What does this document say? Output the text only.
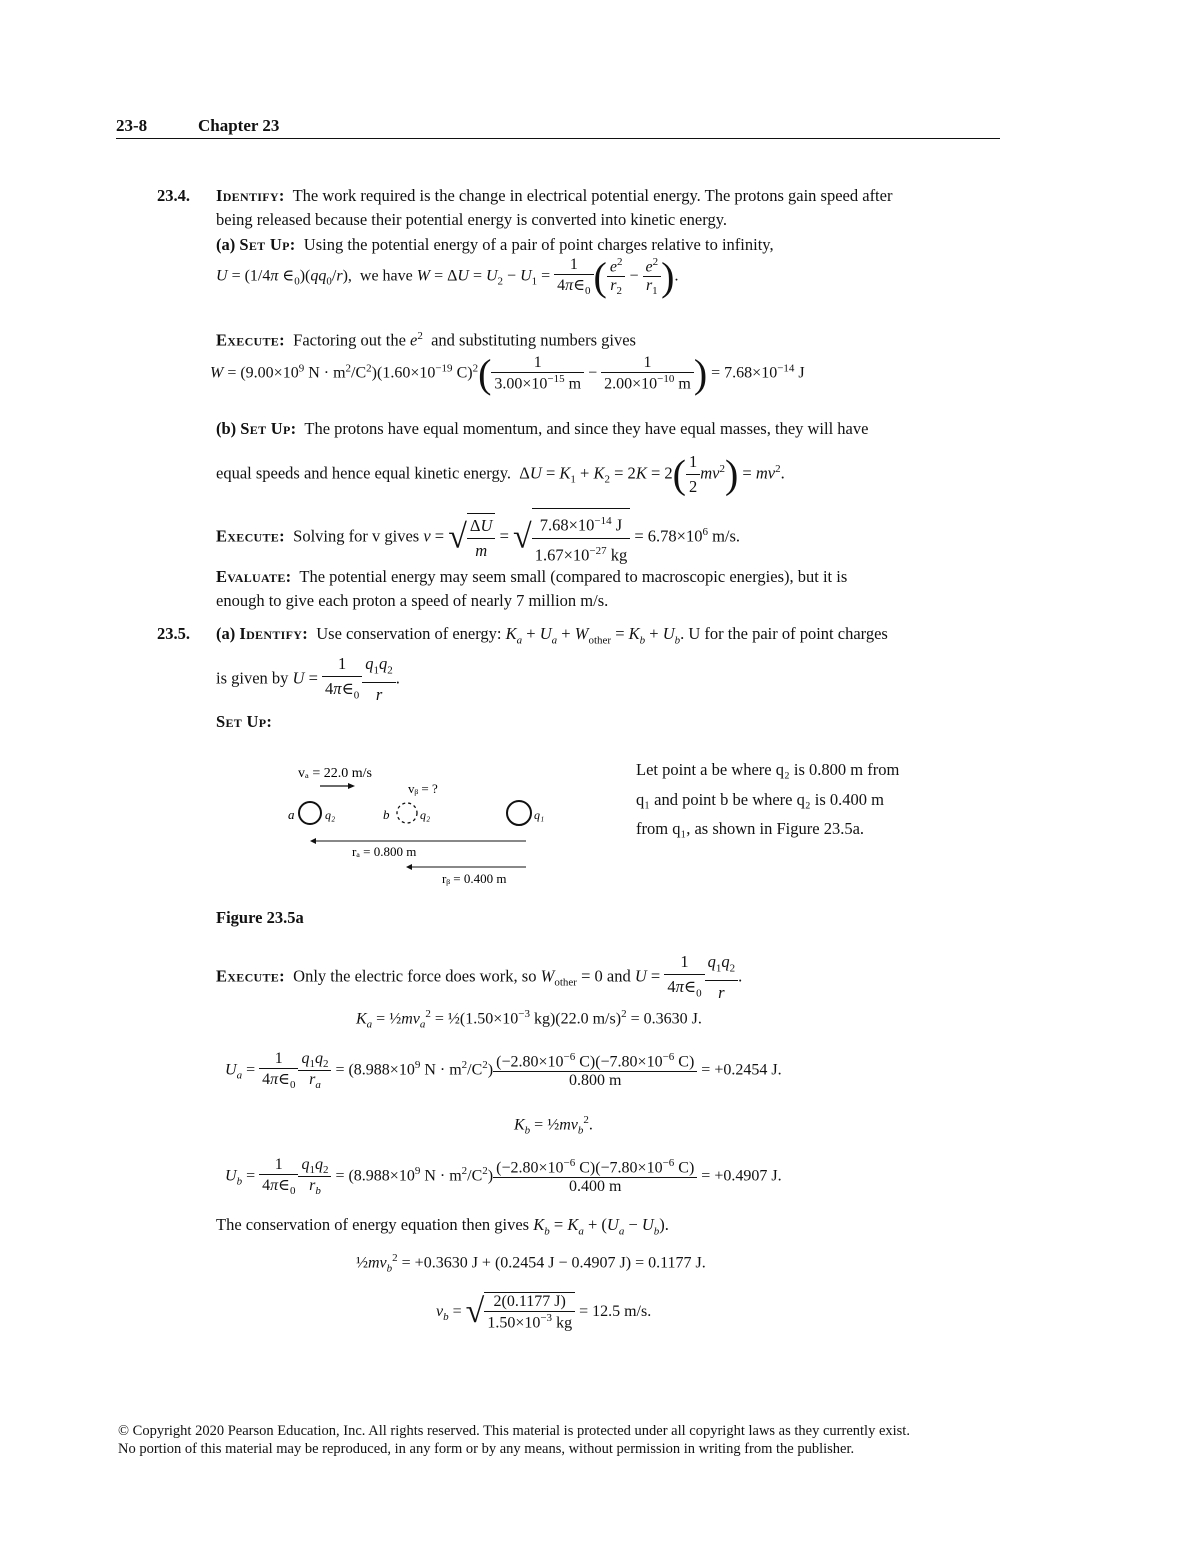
23-8	Chapter 23
23.4. Identify: The work required is the change in electrical potential energy. The protons gain speed after
being released because their potential energy is converted into kinetic energy.
(a) Set Up: Using the potential energy of a pair of point charges relative to infinity,
U = (1/4π $\in_0)(qq_0/r)$,  we have $W = \Delta U = U_2 - U_1 = \frac{1}{4\pi\in_0}$ ( $\frac{e^2}{r_2} - \frac{e^2}{r_1}$ ).
Execute: Factoring out the $e^2$ and substituting numbers gives
$W = (9.00\times 10^9$ $N \cdot m^2/C^2)(1.60\times 10^{-19}$ $C)^2( \frac{1}{3.00\times 10^{-15} m} - \frac{1}{2.00\times 10^{-10} m}$ ) = $7.68\times 10^{-14}$ J
(b) Set Up: The protons have equal momentum, and since they have equal masses, they will have
equal speeds and hence equal kinetic energy.  $\Delta U = K_1 + K_2 = 2K = 2( \frac{1}{2} mv^2) = mv^2$.
Execute: Solving for v gives v = √ $\frac{\Delta U}{m}$ = √ $\frac{7.68\times 10^{-14} J}{1.67\times 10^{-27} kg} = 6.78\times 10^6$ m/s.
Evaluate: The potential energy may seem small (compared to macroscopic energies), but it is
enough to give each proton a speed of nearly 7 million m/s.
23.5. (a) Identify: Use conservation of energy: $K_a + U_a + W_{other} = K_b + U_b$. U for the pair of point charges
is given by $U = \frac{1}{4\pi\in_0} \frac{q_1q_2}{r}$ .
Set Up:
vₐ = 22.0 m/s
vᵦ = ?
a	q₂	b	q₂	q₁
rₐ = 0.800 m
rᵦ = 0.400 m
Let point a be where q₂ is 0.800 m from
q₁ and point b be where q₂ is 0.400 m
from q₁, as shown in Figure 23.5a.
Figure 23.5a
Execute: Only the electric force does work, so $W_{other} = 0$ and $U = \frac{1}{4\pi\in_0} \frac{q_1q_2}{r}$ .
$K_a$ = $\frac{1}{2}mv_a^2$ = $\frac{1}{2}(1.50\times 10^{-3}$ kg)(22.0 m/s)$^2$ = 0.3630 J.
$U_a = \frac{1}{4\pi\in_0} \frac{q_1q_2}{r_a} = (8.988\times 10^9$ $N \cdot m^2/C^2) \frac{(-2.80\times 10^{-6} C)(-7.80\times 10^{-6} C)}{0.800 m} = +0.2454$ J.
$K_b$ = $\frac{1}{2}mv_b^2$.
$U_b = \frac{1}{4\pi\in_0} \frac{q_1q_2}{r_b} = (8.988\times 10^9$ $N \cdot m^2/C^2) \frac{(-2.80\times 10^{-6} C)(-7.80\times 10^{-6} C)}{0.400 m} = +0.4907$ J.
The conservation of energy equation then gives $K_b = K_a + (U_a - U_b)$.
$\frac{1}{2}mv_b^2 = +0.3630$ J + (0.2454 J − 0.4907 J) = 0.1177 J.
$v_b$ = √ $\frac{2(0.1177 J)}{1.50\times 10^{-3} kg} = 12.5$ m/s.
© Copyright 2020 Pearson Education, Inc. All rights reserved. This material is protected under all copyright laws as they currently exist.
No portion of this material may be reproduced, in any form or by any means, without permission in writing from the publisher.
